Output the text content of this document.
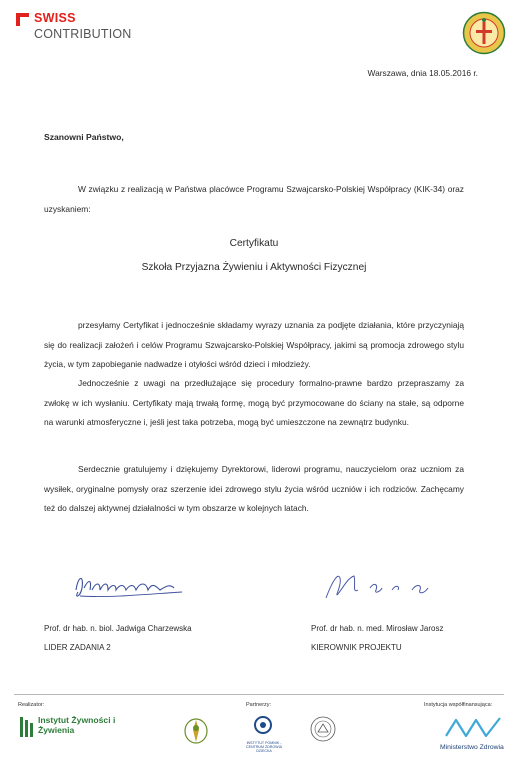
SWISS
CONTRIBUTION
Warszawa, dnia 18.05.2016 r.
Szanowni Państwo,
W związku z realizacją w Państwa placówce Programu Szwajcarsko-Polskiej Współpracy (KIK-34) oraz uzyskaniem:
Certyfikatu
Szkoła Przyjazna Żywieniu i Aktywności Fizycznej
przesyłamy Certyfikat i jednocześnie składamy wyrazy uznania za podjęte działania, które przyczyniają się do realizacji założeń i celów Programu Szwajcarsko-Polskiej Współpracy, jakimi są promocja zdrowego stylu życia, w tym zapobieganie nadwadze i otyłości wśród dzieci i młodzieży.
Jednocześnie z uwagi na przedłużające się procedury formalno-prawne bardzo przepraszamy za zwłokę w ich wysłaniu. Certyfikaty mają trwałą formę, mogą być przymocowane do ściany na stałe, są odporne na warunki atmosferyczne i, jeśli jest taka potrzeba, mogą być umieszczone na zewnątrz budynku.
Serdecznie gratulujemy i dziękujemy Dyrektorowi, liderowi programu, nauczycielom oraz uczniom za wysiłek, oryginalne pomysły oraz szerzenie idei zdrowego stylu życia wśród uczniów i ich rodziców. Zachęcamy też do dalszej aktywnej działalności w tym obszarze w kolejnych latach.
Prof. dr hab. n. biol. Jadwiga Charzewska
LIDER ZADANIA 2
Prof. dr hab. n. med. Mirosław Jarosz
KIEROWNIK PROJEKTU
Realizator:	Partnerzy:	Instytucja współfinansująca:
Instytut Żywności i Żywienia
INSTYTUT POMNIK - CENTRUM ZDROWIA DZIECKA	Ministerstwo Zdrowia
